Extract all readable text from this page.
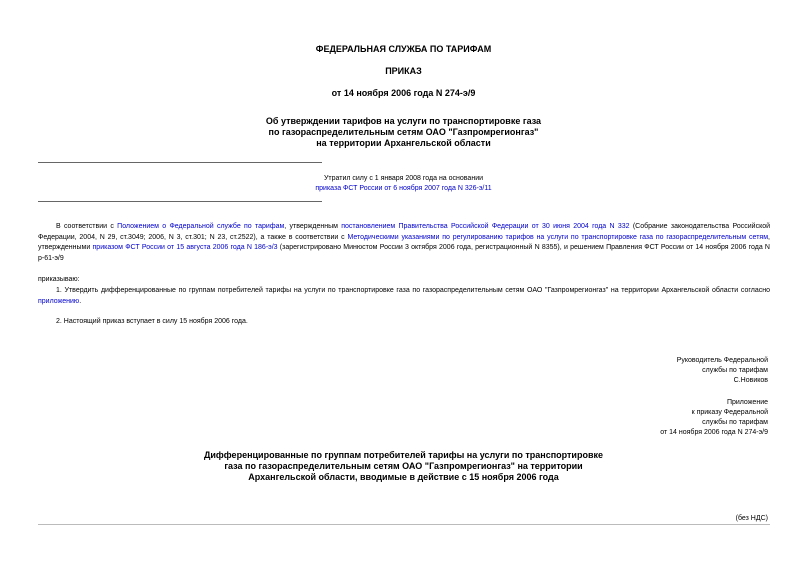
ФЕДЕРАЛЬНАЯ СЛУЖБА ПО ТАРИФАМ
ПРИКАЗ
от 14 ноября 2006 года N 274-э/9
Об утверждении тарифов на услуги по транспортировке газа
по газораспределительным сетям ОАО "Газпромрегионгаз"
на территории Архангельской области
Утратил силу с 1 января 2008 года на основании
приказа ФСТ России от 6 ноября 2007 года N 326-э/11
В соответствии с Положением о Федеральной службе по тарифам, утвержденным постановлением Правительства Российской Федерации от 30 июня 2004 года N 332 (Собрание законодательства Российской Федерации, 2004, N 29, ст.3049; 2006, N 3, ст.301; N 23, ст.2522), а также в соответствии с Методическими указаниями по регулированию тарифов на услуги по транспортировке газа по газораспределительным сетям, утвержденными приказом ФСТ России от 15 августа 2006 года N 186-э/3 (зарегистрировано Минюстом России 3 октября 2006 года, регистрационный N 8355), и решением Правления ФСТ России от 14 ноября 2006 года N р-61-э/9
приказываю:
1. Утвердить дифференцированные по группам потребителей тарифы на услуги по транспортировке газа по газораспределительным сетям ОАО "Газпромрегионгаз" на территории Архангельской области согласно приложению.
2. Настоящий приказ вступает в силу 15 ноября 2006 года.
Руководитель Федеральной
службы по тарифам
С.Новиков
Приложение
к приказу Федеральной
службы по тарифам
от 14 ноября 2006 года N 274-э/9
Дифференцированные по группам потребителей тарифы на услуги по транспортировке
газа по газораспределительным сетям ОАО "Газпромрегионгаз" на территории
Архангельской области, вводимые в действие с 15 ноября 2006 года
(без НДС)
